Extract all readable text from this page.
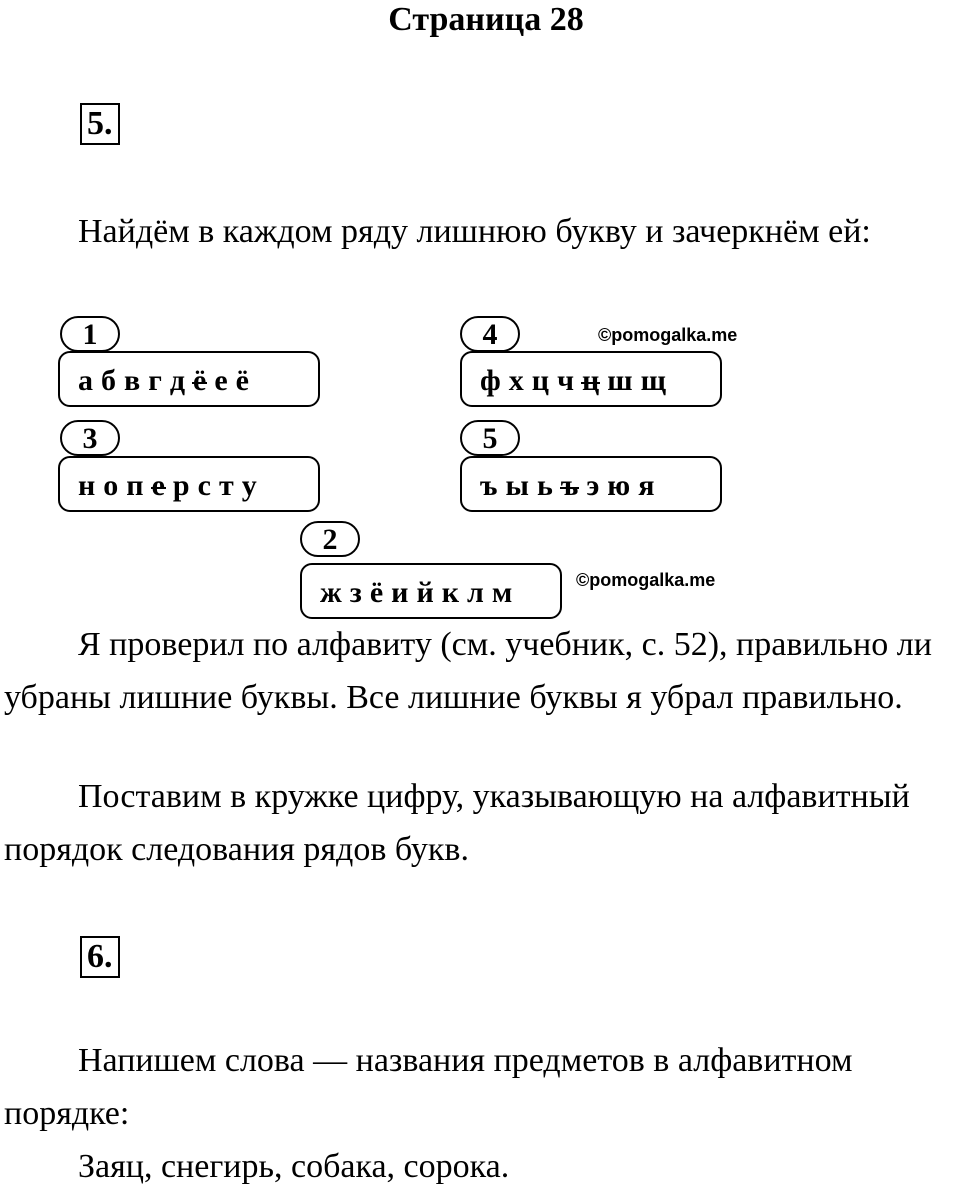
Страница 28
5.
Найдём в каждом ряду лишнюю букву и зачеркнём ей:
1
а б в г д ё е ё
4
ф х ц ч ц ш щ
3
н о п е р с т у
5
ъ ы ь ъ э ю я
2
ж з ё и й к л м
©pomogalka.me
©pomogalka.me
Я проверил по алфавиту (см. учебник, с. 52), правильно ли убраны лишние буквы. Все лишние буквы я убрал правильно.
Поставим в кружке цифру, указывающую на алфавитный порядок следования рядов букв.
6.
Напишем слова — названия предметов в алфавитном порядке:
Заяц, снегирь, собака, сорока.
